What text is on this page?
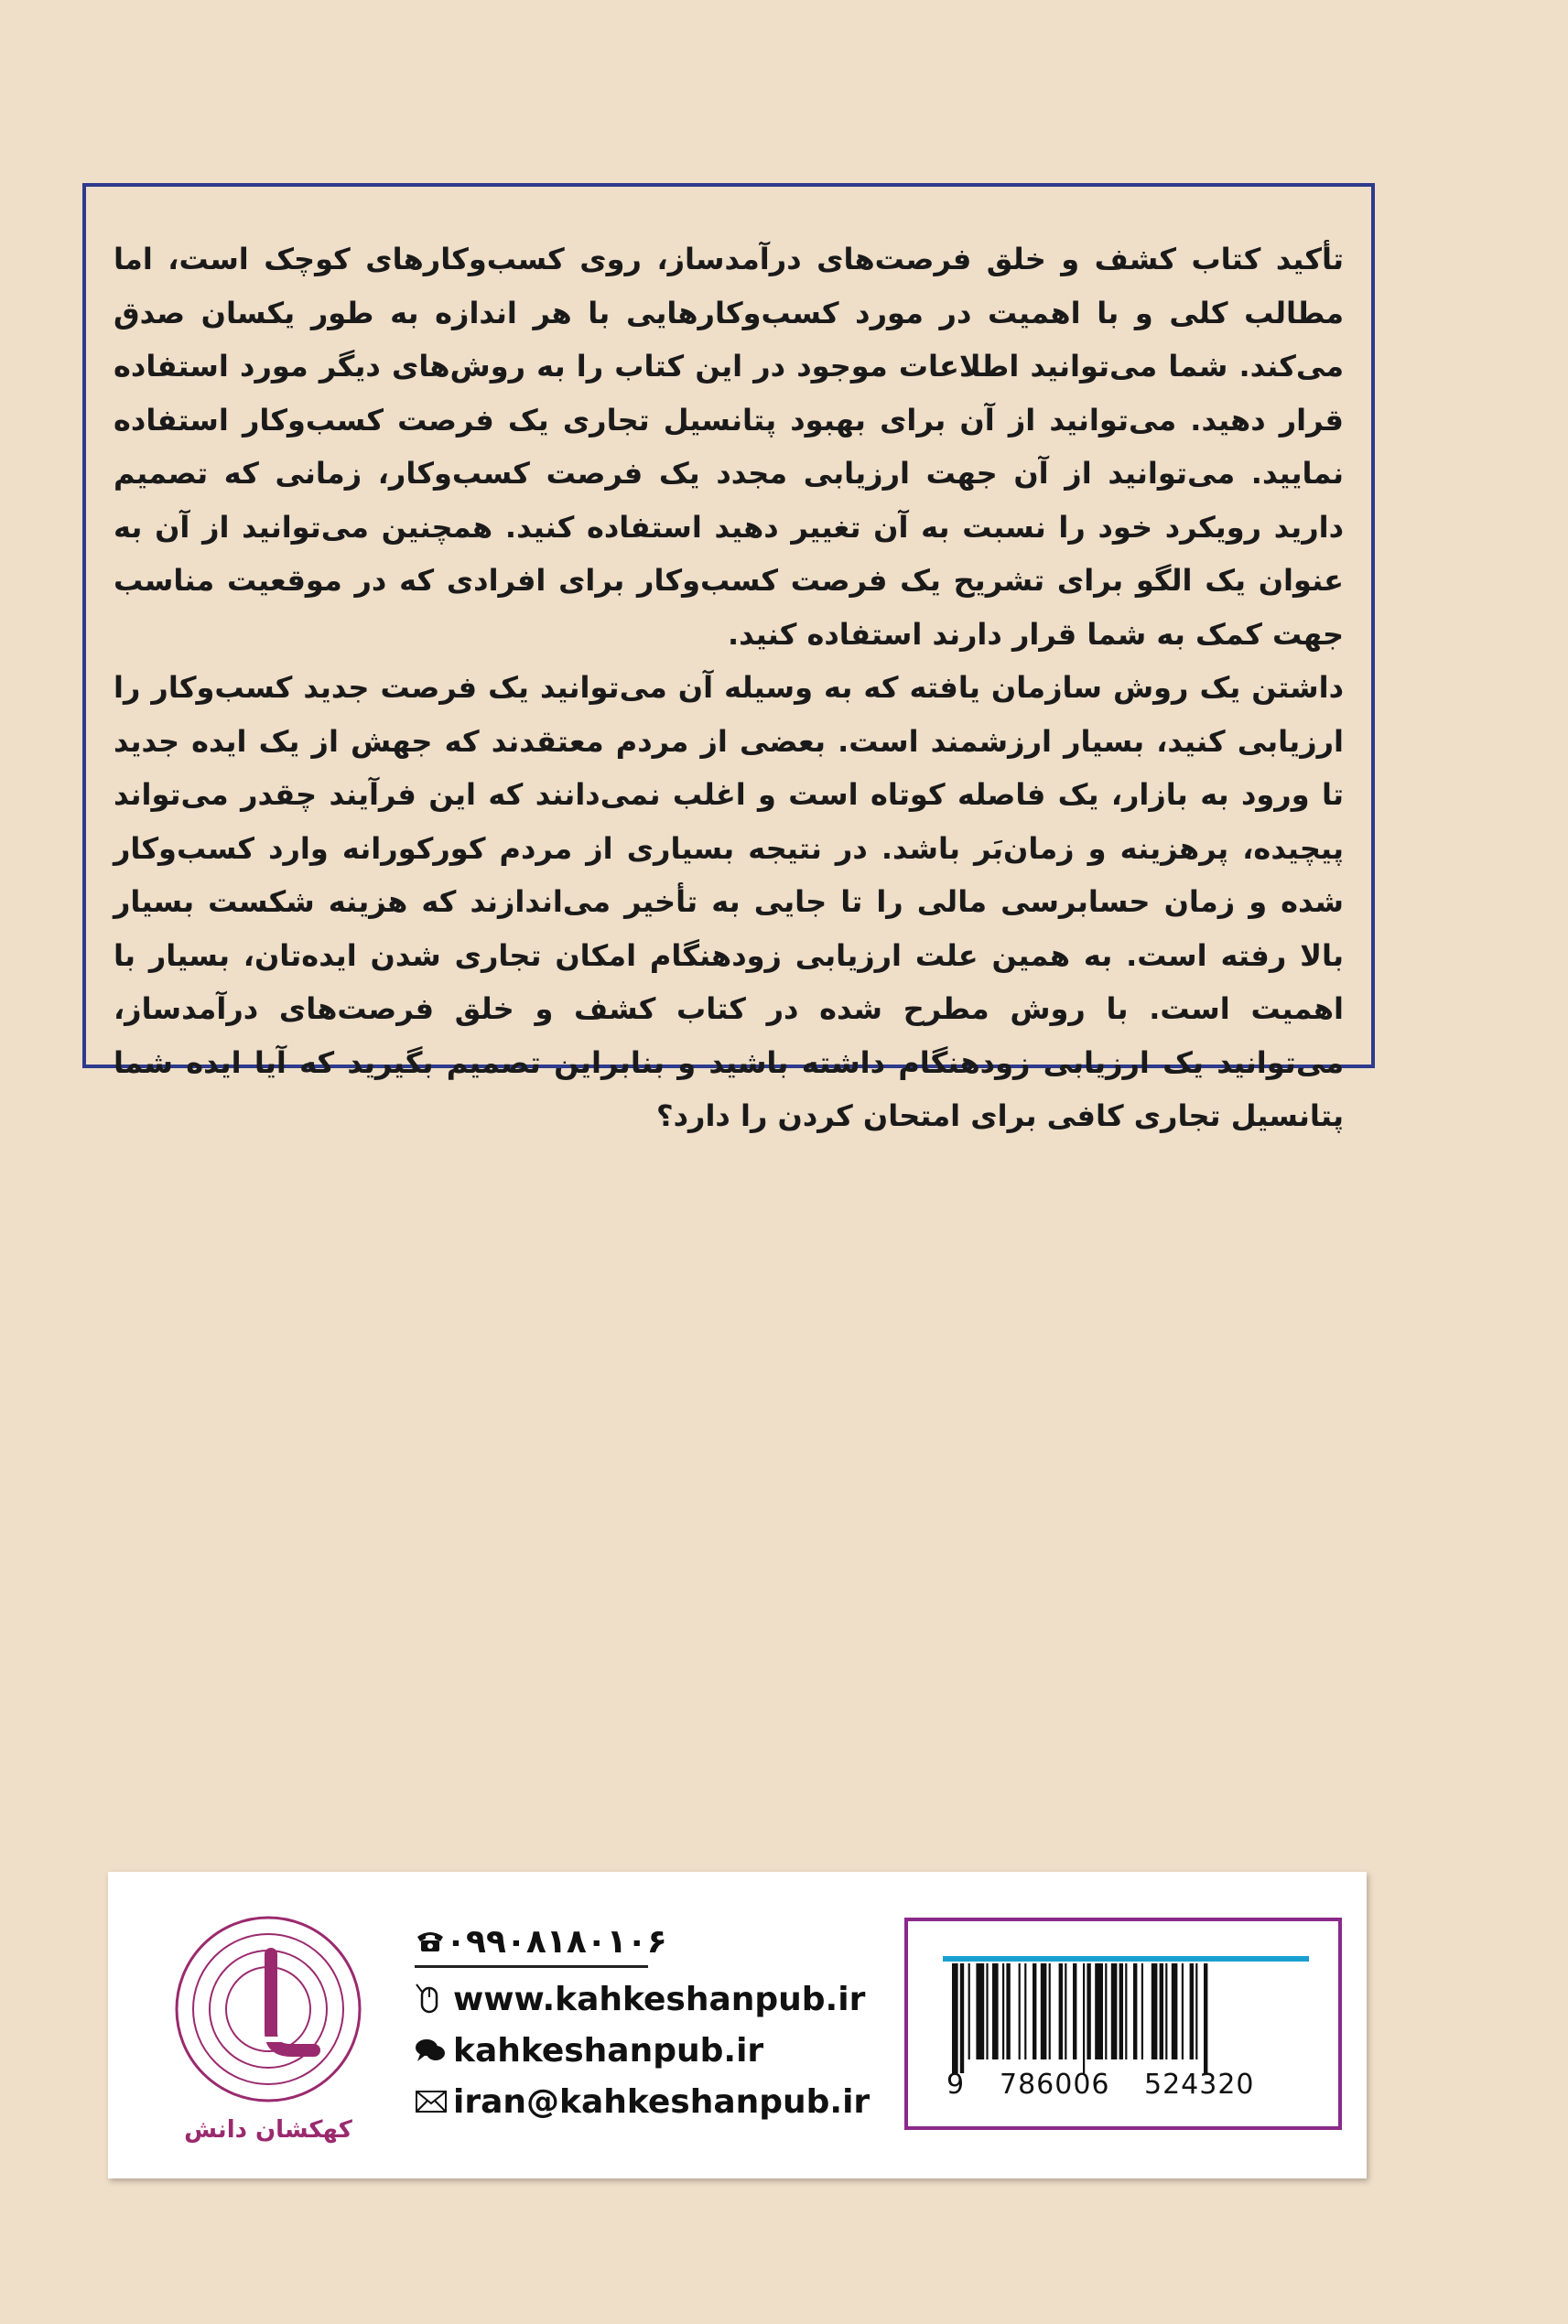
تأکید کتاب کشف و خلق فرصت‌های درآمدساز، روی کسب‌وکارهای کوچک است، اما مطالب کلی و با اهمیت در مورد کسب‌وکارهایی با هر اندازه به طور یکسان صدق می‌کند. شما می‌توانید اطلاعات موجود در این کتاب را به روش‌های دیگر مورد استفاده قرار دهید. می‌توانید از آن برای بهبود پتانسیل تجاری یک فرصت کسب‌وکار استفاده نمایید. می‌توانید از آن جهت ارزیابی مجدد یک فرصت کسب‌وکار، زمانی که تصمیم دارید رویکرد خود را نسبت به آن تغییر دهید استفاده کنید. همچنین می‌توانید از آن به عنوان یک الگو برای تشریح یک فرصت کسب‌وکار برای افرادی که در موقعیت مناسب جهت کمک به شما قرار دارند استفاده کنید.

داشتن یک روش سازمان یافته که به وسیله آن می‌توانید یک فرصت جدید کسب‌وکار را ارزیابی کنید، بسیار ارزشمند است. بعضی از مردم معتقدند که جهش از یک ایده جدید تا ورود به بازار، یک فاصله کوتاه است و اغلب نمی‌دانند که این فرآیند چقدر می‌تواند پیچیده، پرهزینه و زمان‌بَر باشد. در نتیجه بسیاری از مردم کورکورانه وارد کسب‌وکار شده و زمان حسابرسی مالی را تا جایی به تأخیر می‌اندازند که هزینه شکست بسیار بالا رفته است. به همین علت ارزیابی زودهنگام امکان تجاری شدن ایده‌تان، بسیار با اهمیت است. با روش مطرح شده در کتاب کشف و خلق فرصت‌های درآمدساز، می‌توانید یک ارزیابی زودهنگام داشته باشید و بنابراین تصمیم بگیرید که آیا ایده شما پتانسیل تجاری کافی برای امتحان کردن را دارد؟

کهکشان دانش
۰۹۹۰۸۱۸۰۱۰۶
www.kahkeshanpub.ir
kahkeshanpub.ir
iran@kahkeshanpub.ir	9 786006 524320
